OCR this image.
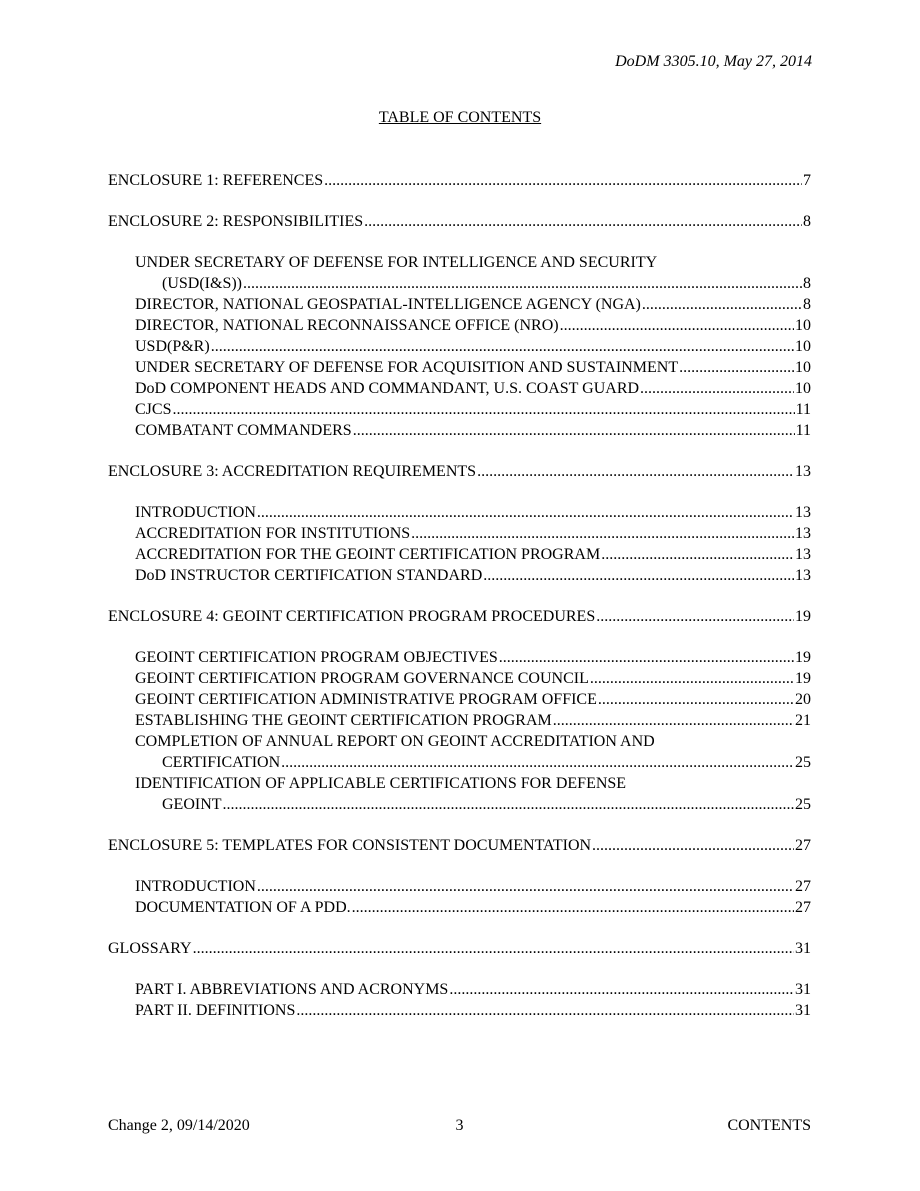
DoDM 3305.10, May 27, 2014
TABLE OF CONTENTS
ENCLOSURE 1: REFERENCES .....	7
ENCLOSURE 2: RESPONSIBILITIES .....	8
UNDER SECRETARY OF DEFENSE FOR INTELLIGENCE AND SECURITY
(USD(I&S)) .....	8
DIRECTOR, NATIONAL GEOSPATIAL-INTELLIGENCE AGENCY (NGA) .....	8
DIRECTOR, NATIONAL RECONNAISSANCE OFFICE (NRO) .....	10
USD(P&R) .....	10
UNDER SECRETARY OF DEFENSE FOR ACQUISITION AND SUSTAINMENT .....	10
DoD COMPONENT HEADS AND COMMANDANT, U.S. COAST GUARD .....	10
CJCS .....	11
COMBATANT COMMANDERS .....	11
ENCLOSURE 3: ACCREDITATION REQUIREMENTS .....	13
INTRODUCTION .....	13
ACCREDITATION FOR INSTITUTIONS .....	13
ACCREDITATION FOR THE GEOINT CERTIFICATION PROGRAM .....	13
DoD INSTRUCTOR CERTIFICATION STANDARD .....	13
ENCLOSURE 4: GEOINT CERTIFICATION PROGRAM PROCEDURES .....	19
GEOINT CERTIFICATION PROGRAM OBJECTIVES .....	19
GEOINT CERTIFICATION PROGRAM GOVERNANCE COUNCIL .....	19
GEOINT CERTIFICATION ADMINISTRATIVE PROGRAM OFFICE .....	20
ESTABLISHING THE GEOINT CERTIFICATION PROGRAM .....	21
COMPLETION OF ANNUAL REPORT ON GEOINT ACCREDITATION AND
CERTIFICATION .....	25
IDENTIFICATION OF APPLICABLE CERTIFICATIONS FOR DEFENSE
GEOINT .....	25
ENCLOSURE 5: TEMPLATES FOR CONSISTENT DOCUMENTATION .....	27
INTRODUCTION .....	27
DOCUMENTATION OF A PDD. .....	27
GLOSSARY .....	31
PART I. ABBREVIATIONS AND ACRONYMS .....	31
PART II. DEFINITIONS .....	31
Change 2, 09/14/2020	3	CONTENTS
